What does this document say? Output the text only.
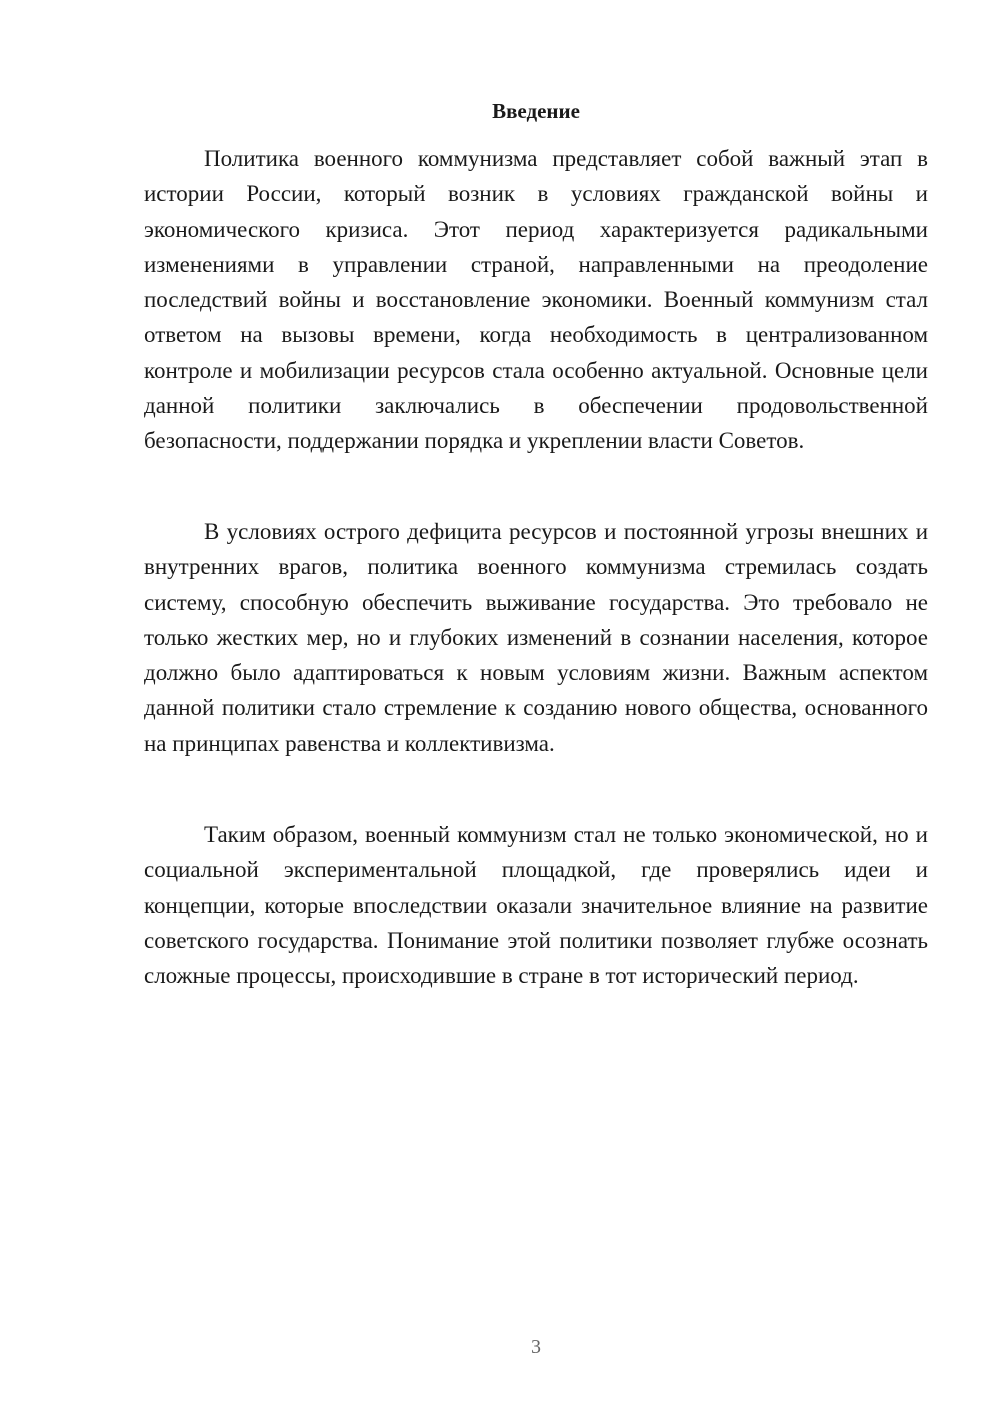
Введение

Политика военного коммунизма представляет собой важный этап в истории России, который возник в условиях гражданской войны и экономического кризиса. Этот период характеризуется радикальными изменениями в управлении страной, направленными на преодоление последствий войны и восстановление экономики. Военный коммунизм стал ответом на вызовы времени, когда необходимость в централизованном контроле и мобилизации ресурсов стала особенно актуальной. Основные цели данной политики заключались в обеспечении продовольственной безопасности, поддержании порядка и укреплении власти Советов.

В условиях острого дефицита ресурсов и постоянной угрозы внешних и внутренних врагов, политика военного коммунизма стремилась создать систему, способную обеспечить выживание государства. Это требовало не только жестких мер, но и глубоких изменений в сознании населения, которое должно было адаптироваться к новым условиям жизни. Важным аспектом данной политики стало стремление к созданию нового общества, основанного на принципах равенства и коллективизма.

Таким образом, военный коммунизм стал не только экономической, но и социальной экспериментальной площадкой, где проверялись идеи и концепции, которые впоследствии оказали значительное влияние на развитие советского государства. Понимание этой политики позволяет глубже осознать сложные процессы, происходившие в стране в тот исторический период.

3
